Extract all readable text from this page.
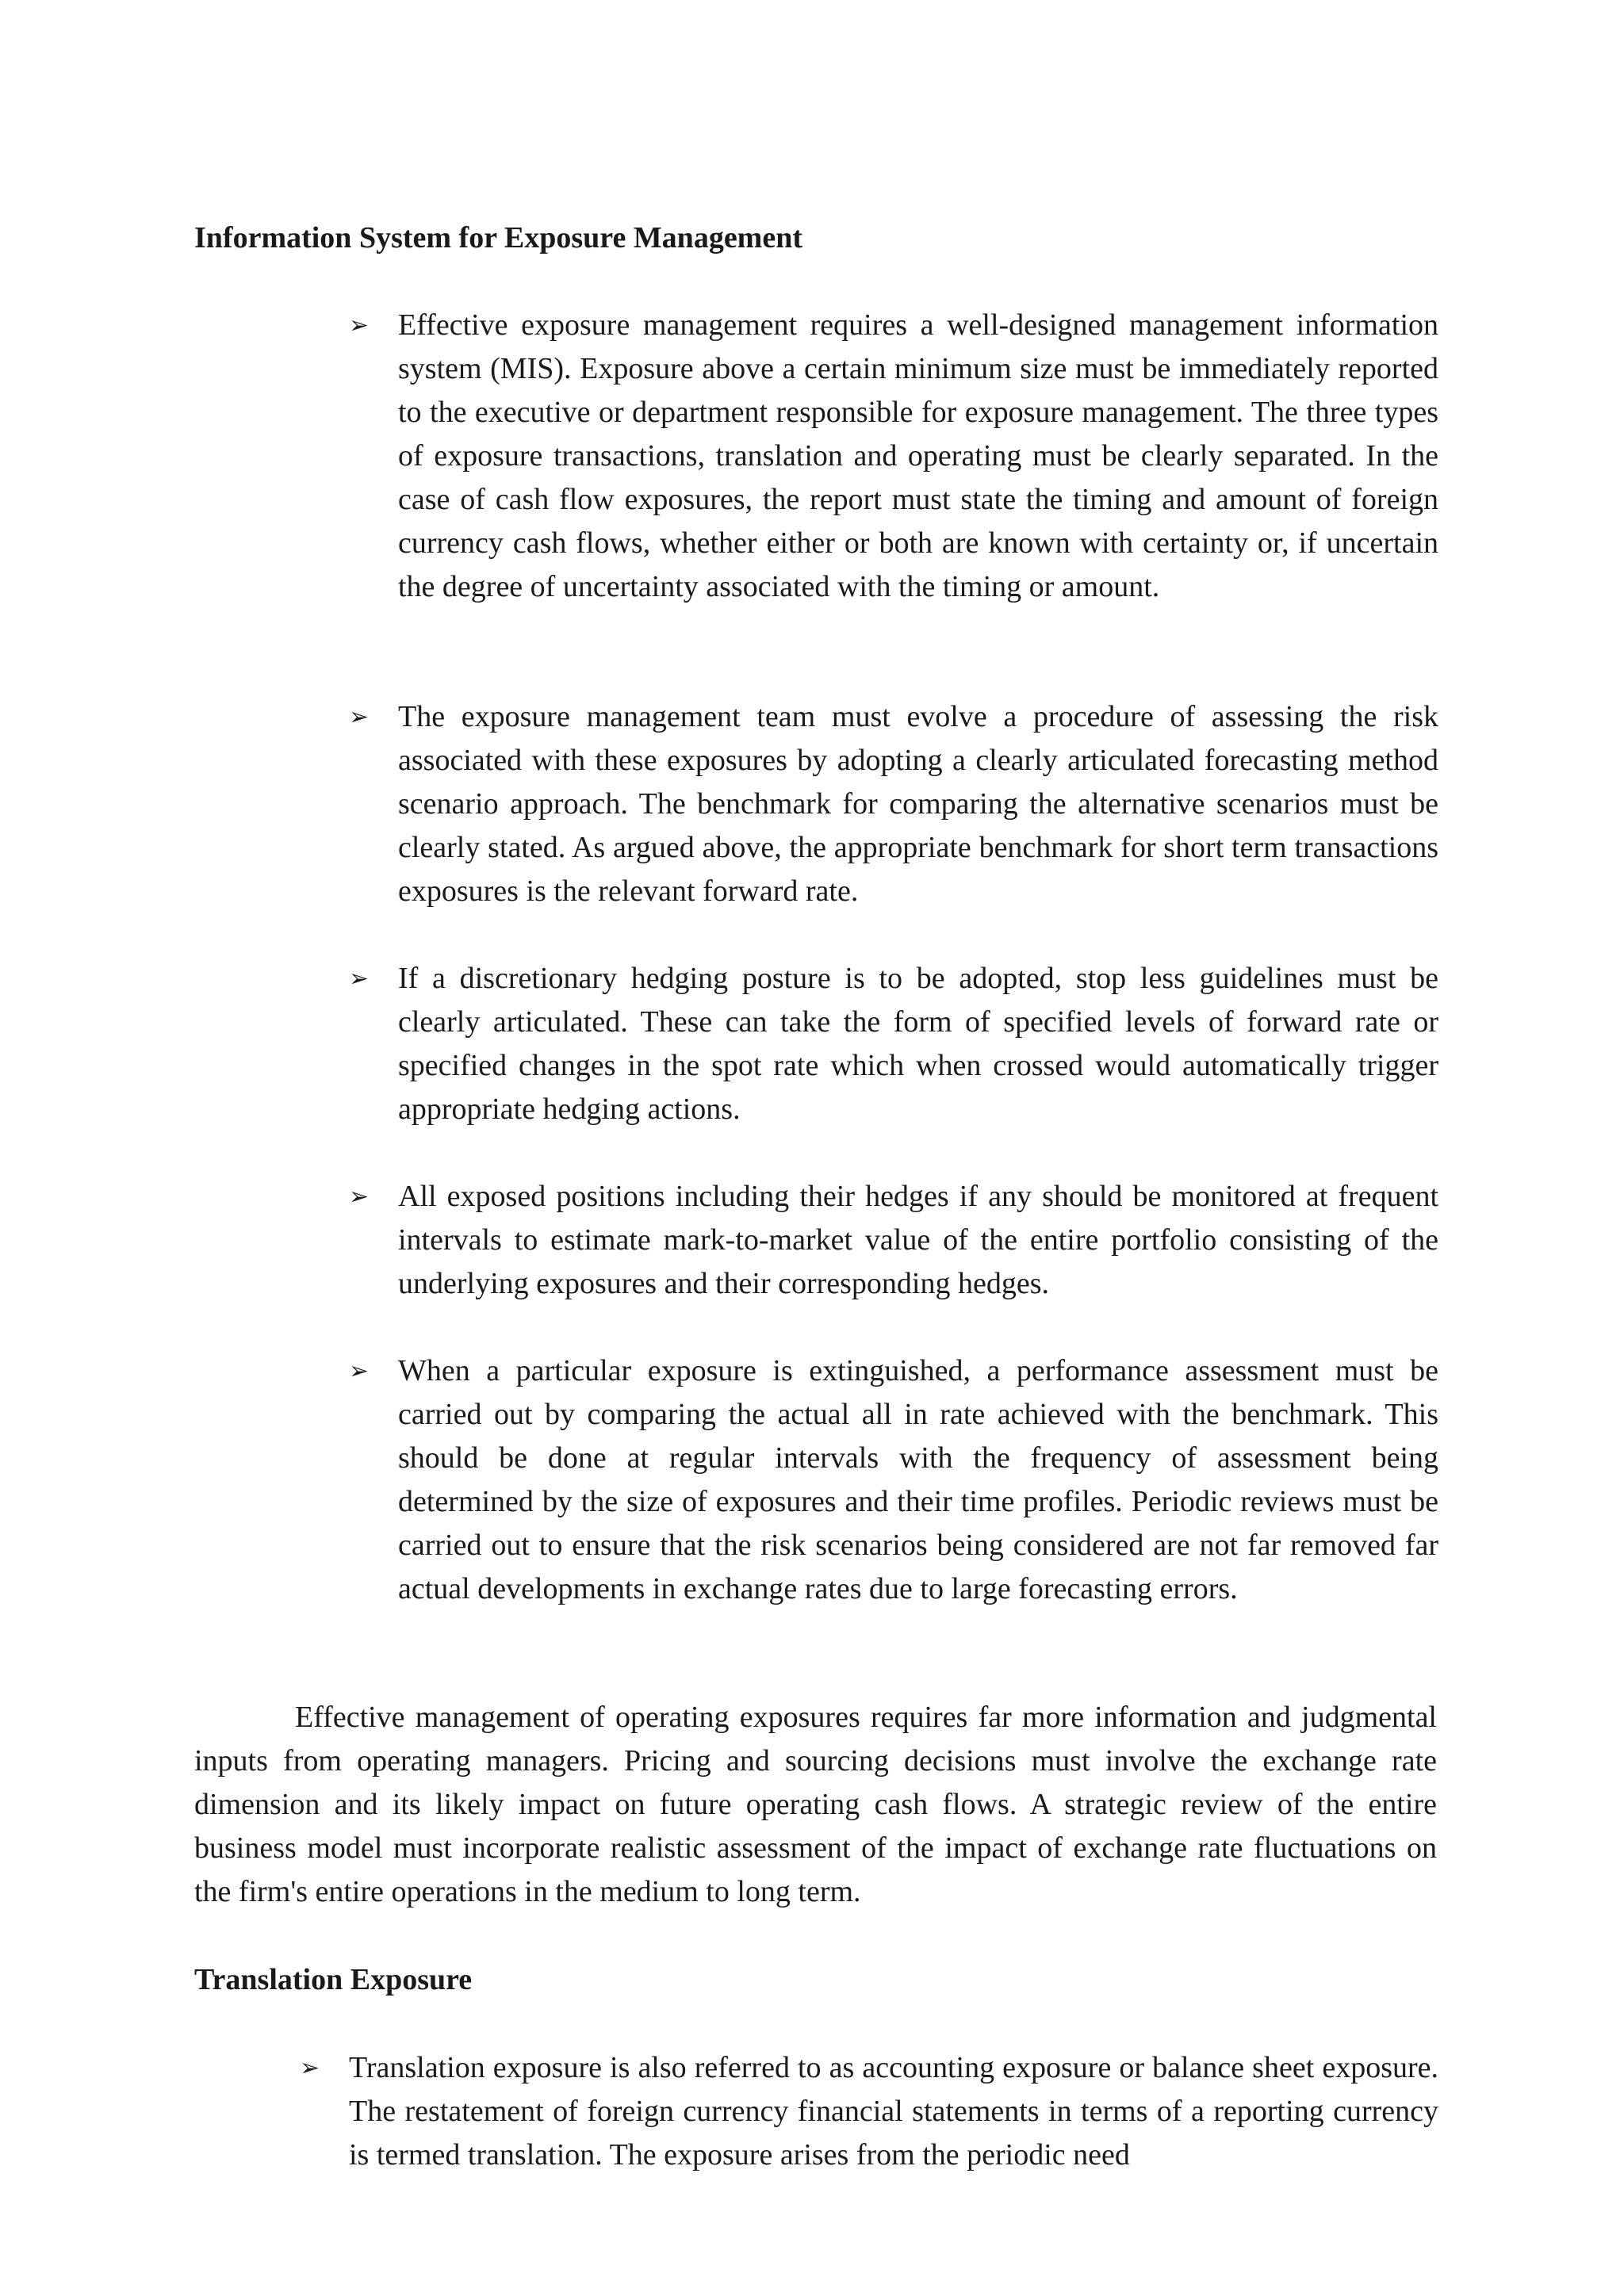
Information System for Exposure Management
➢ Effective exposure management requires a well-designed management information system (MIS). Exposure above a certain minimum size must be immediately reported to the executive or department responsible for exposure management. The three types of exposure transactions, translation and operating must be clearly separated. In the case of cash flow exposures, the report must state the timing and amount of foreign currency cash flows, whether either or both are known with certainty or, if uncertain the degree of uncertainty associated with the timing or amount.

➢ The exposure management team must evolve a procedure of assessing the risk associated with these exposures by adopting a clearly articulated forecasting method scenario approach. The benchmark for comparing the alternative scenarios must be clearly stated. As argued above, the appropriate benchmark for short term transactions exposures is the relevant forward rate.

➢ If a discretionary hedging posture is to be adopted, stop less guidelines must be clearly articulated. These can take the form of specified levels of forward rate or specified changes in the spot rate which when crossed would automatically trigger appropriate hedging actions.

➢ All exposed positions including their hedges if any should be monitored at frequent intervals to estimate mark-to-market value of the entire portfolio consisting of the underlying exposures and their corresponding hedges.

➢ When a particular exposure is extinguished, a performance assessment must be carried out by comparing the actual all in rate achieved with the benchmark. This should be done at regular intervals with the frequency of assessment being determined by the size of exposures and their time profiles. Periodic reviews must be carried out to ensure that the risk scenarios being considered are not far removed far actual developments in exchange rates due to large forecasting errors.

Effective management of operating exposures requires far more information and judgmental inputs from operating managers. Pricing and sourcing decisions must involve the exchange rate dimension and its likely impact on future operating cash flows. A strategic review of the entire business model must incorporate realistic assessment of the impact of exchange rate fluctuations on the firm's entire operations in the medium to long term.

Translation Exposure
➢ Translation exposure is also referred to as accounting exposure or balance sheet exposure. The restatement of foreign currency financial statements in terms of a reporting currency is termed translation. The exposure arises from the periodic need
